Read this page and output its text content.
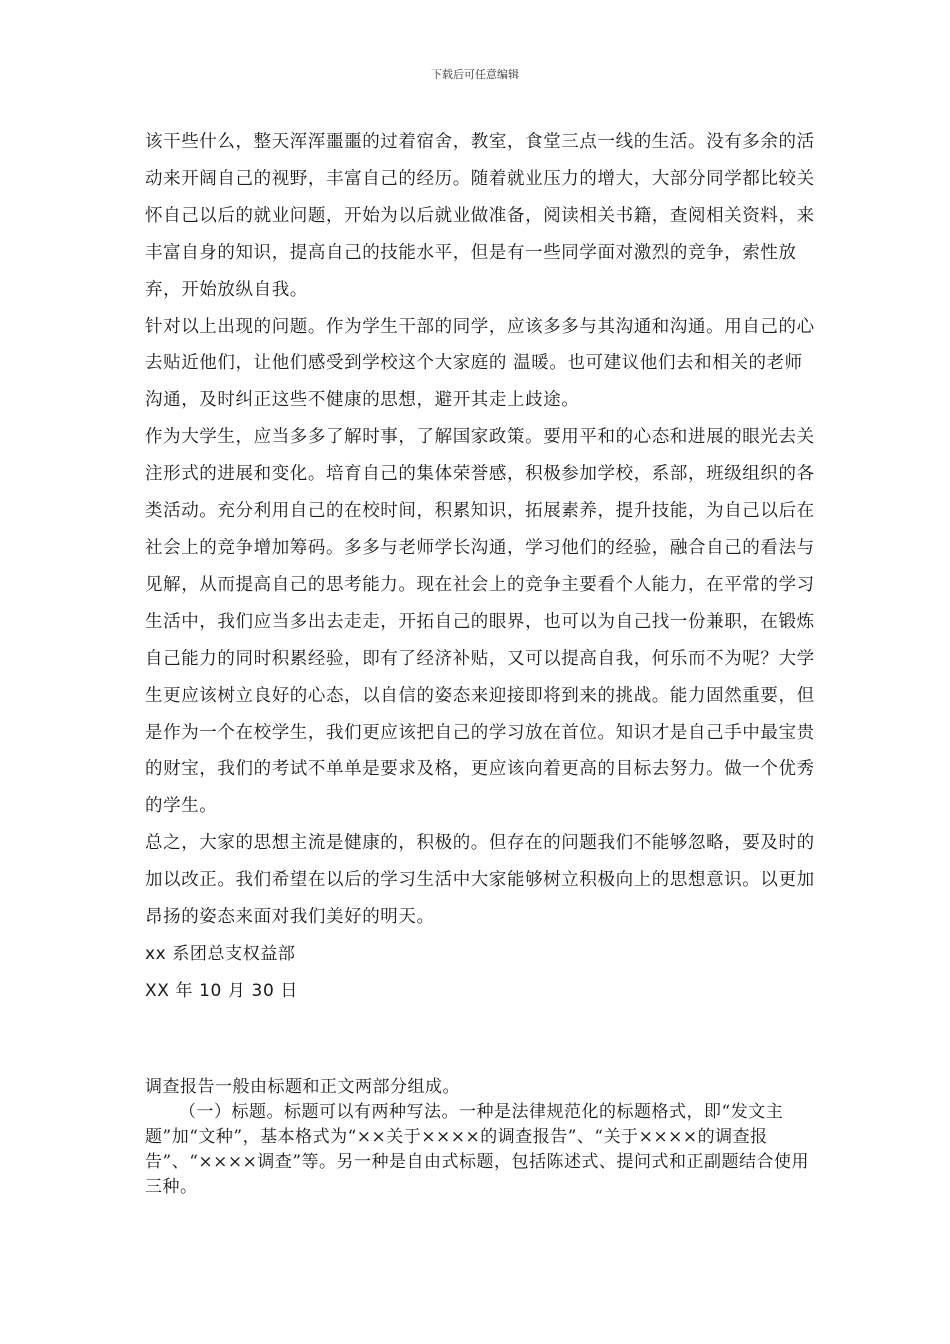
下载后可任意编辑

该干些什么，整天浑浑噩噩的过着宿舍，教室，食堂三点一线的生活。没有多余的活动来开阔自己的视野，丰富自己的经历。随着就业压力的增大，大部分同学都比较关怀自己以后的就业问题，开始为以后就业做准备，阅读相关书籍，查阅相关资料，来丰富自身的知识，提高自己的技能水平，但是有一些同学面对激烈的竞争，索性放弃，开始放纵自我。

针对以上出现的问题。作为学生干部的同学，应该多多与其沟通和沟通。用自己的心去贴近他们，让他们感受到学校这个大家庭的 温暖。也可建议他们去和相关的老师沟通，及时纠正这些不健康的思想，避开其走上歧途。

作为大学生，应当多多了解时事，了解国家政策。要用平和的心态和进展的眼光去关注形式的进展和变化。培育自己的集体荣誉感，积极参加学校，系部，班级组织的各类活动。充分利用自己的在校时间，积累知识，拓展素养，提升技能，为自己以后在社会上的竞争增加筹码。多多与老师学长沟通，学习他们的经验，融合自己的看法与见解，从而提高自己的思考能力。现在社会上的竞争主要看个人能力，在平常的学习生活中，我们应当多出去走走，开拓自己的眼界，也可以为自己找一份兼职，在锻炼自己能力的同时积累经验，即有了经济补贴，又可以提高自我，何乐而不为呢？大学生更应该树立良好的心态，以自信的姿态来迎接即将到来的挑战。能力固然重要，但是作为一个在校学生，我们更应该把自己的学习放在首位。知识才是自己手中最宝贵的财宝，我们的考试不单单是要求及格，更应该向着更高的目标去努力。做一个优秀的学生。

总之，大家的思想主流是健康的，积极的。但存在的问题我们不能够忽略，要及时的加以改正。我们希望在以后的学习生活中大家能够树立积极向上的思想意识。以更加昂扬的姿态来面对我们美好的明天。

xx 系团总支权益部

XX 年 10 月 30 日

调查报告一般由标题和正文两部分组成。

（一）标题。标题可以有两种写法。一种是法律规范化的标题格式，即“发文主题”加“文种”，基本格式为“××关于××××的调查报告”、“关于××××的调查报告”、“××××调查”等。另一种是自由式标题，包括陈述式、提问式和正副题结合使用三种。
